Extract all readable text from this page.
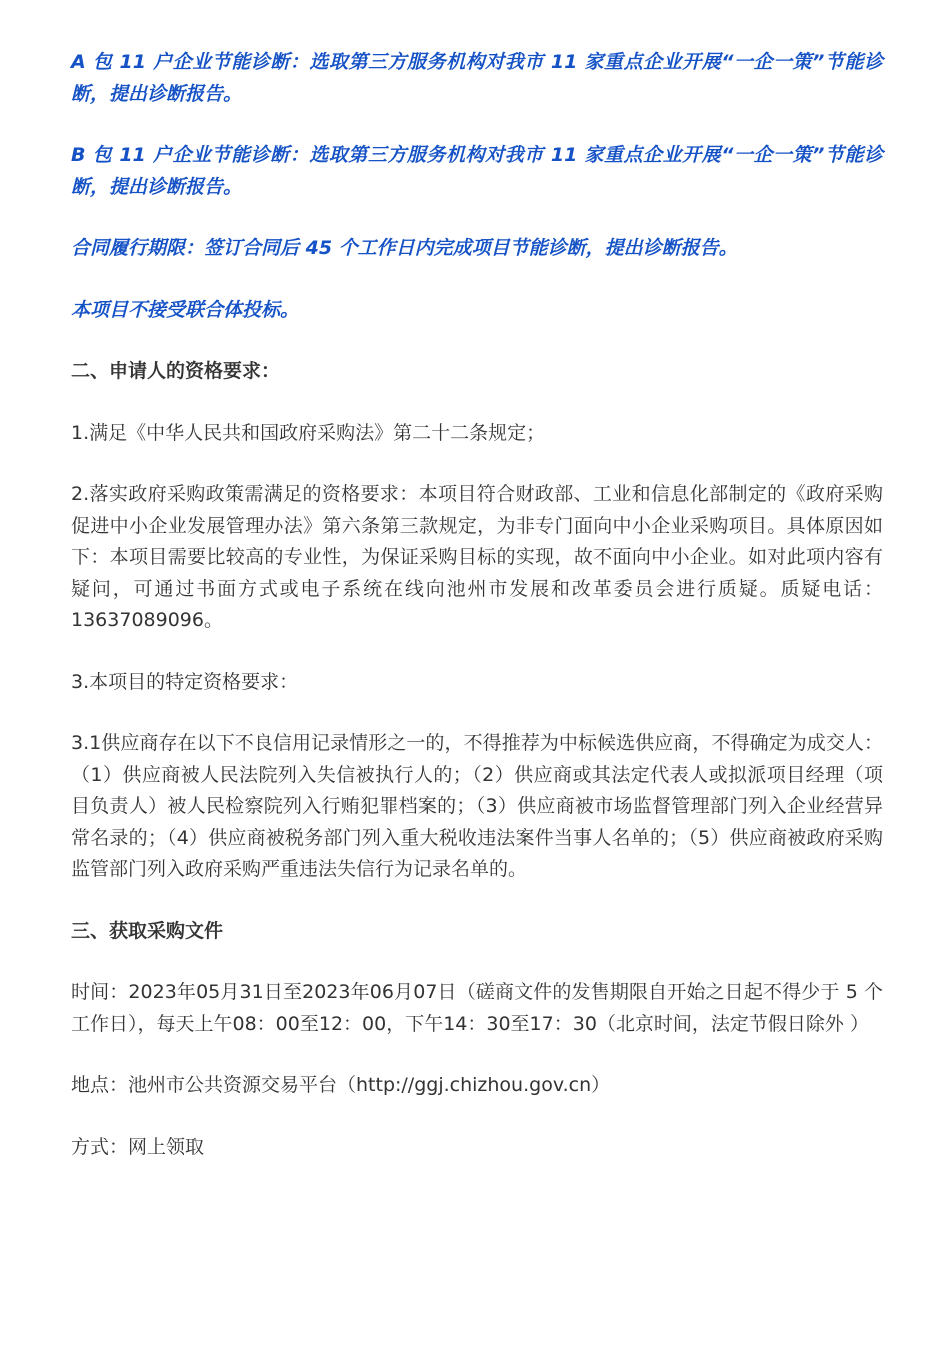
A 包 11 户企业节能诊断：选取第三方服务机构对我市 11 家重点企业开展“一企一策”节能诊断，提出诊断报告。

B 包 11 户企业节能诊断：选取第三方服务机构对我市 11 家重点企业开展“一企一策”节能诊断，提出诊断报告。

合同履行期限：签订合同后 45 个工作日内完成项目节能诊断，提出诊断报告。

本项目不接受联合体投标。

二、申请人的资格要求：

1.满足《中华人民共和国政府采购法》第二十二条规定；

2.落实政府采购政策需满足的资格要求：本项目符合财政部、工业和信息化部制定的《政府采购促进中小企业发展管理办法》第六条第三款规定，为非专门面向中小企业采购项目。具体原因如下：本项目需要比较高的专业性，为保证采购目标的实现，故不面向中小企业。如对此项内容有疑问，可通过书面方式或电子系统在线向池州市发展和改革委员会进行质疑。质疑电话：13637089096。

3.本项目的特定资格要求：

3.1供应商存在以下不良信用记录情形之一的，不得推荐为中标候选供应商，不得确定为成交人：（1）供应商被人民法院列入失信被执行人的；（2）供应商或其法定代表人或拟派项目经理（项目负责人）被人民检察院列入行贿犯罪档案的；（3）供应商被市场监督管理部门列入企业经营异常名录的；（4）供应商被税务部门列入重大税收违法案件当事人名单的；（5）供应商被政府采购监管部门列入政府采购严重违法失信行为记录名单的。

三、获取采购文件

时间：2023年05月31日至2023年06月07日（磋商文件的发售期限自开始之日起不得少于 5 个工作日），每天上午08：00至12：00，下午14：30至17：30（北京时间，法定节假日除外 ）

地点：池州市公共资源交易平台（http://ggj.chizhou.gov.cn）

方式：网上领取
